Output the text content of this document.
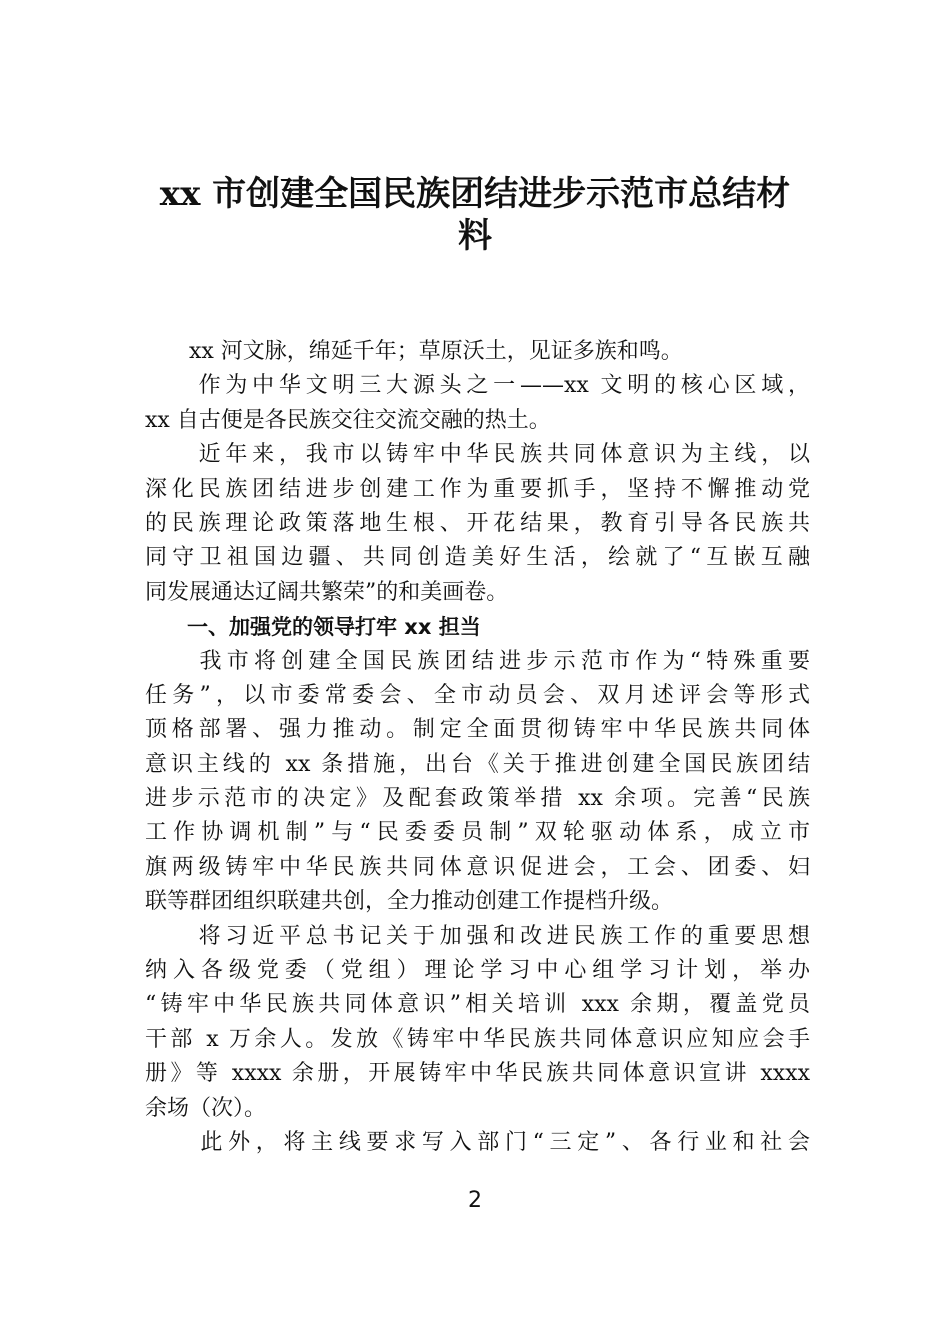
xx 市创建全国民族团结进步示范市总结材
料
　　xx 河文脉，绵延千年；草原沃土，见证多族和鸣。
　　作为中华文明三大源头之一——xx 文明的核心区域，
xx 自古便是各民族交往交流交融的热土。
　　近年来，我市以铸牢中华民族共同体意识为主线，以
深化民族团结进步创建工作为重要抓手，坚持不懈推动党
的民族理论政策落地生根、开花结果，教育引导各民族共
同守卫祖国边疆、共同创造美好生活，绘就了“互嵌互融
同发展通达辽阔共繁荣”的和美画卷。
　　一、加强党的领导打牢 xx 担当
　　我市将创建全国民族团结进步示范市作为“特殊重要
任务”，以市委常委会、全市动员会、双月述评会等形式
顶格部署、强力推动。制定全面贯彻铸牢中华民族共同体
意识主线的 xx 条措施，出台《关于推进创建全国民族团结
进步示范市的决定》及配套政策举措 xx 余项。完善“民族
工作协调机制”与“民委委员制”双轮驱动体系，成立市
旗两级铸牢中华民族共同体意识促进会，工会、团委、妇
联等群团组织联建共创，全力推动创建工作提档升级。
　　将习近平总书记关于加强和改进民族工作的重要思想
纳入各级党委（党组）理论学习中心组学习计划，举办
“铸牢中华民族共同体意识”相关培训 xxx 余期，覆盖党员
干部 x 万余人。发放《铸牢中华民族共同体意识应知应会手
册》等 xxxx 余册，开展铸牢中华民族共同体意识宣讲 xxxx
余场（次）。
　　此外，将主线要求写入部门“三定”、各行业和社会
2
